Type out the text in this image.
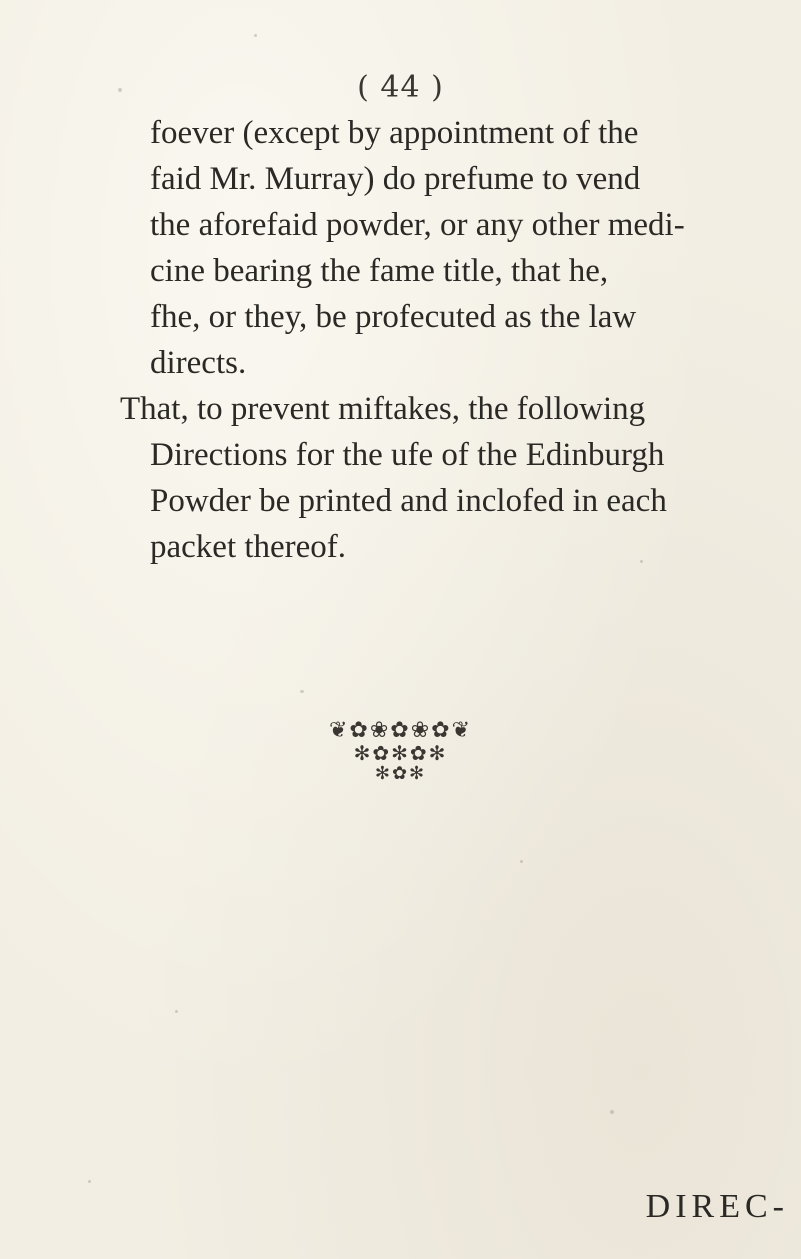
( 44 )
foever (except by appointment of the
faid Mr. Murray) do prefume to vend
the aforefaid powder, or any other medi-
cine bearing the fame title, that he,
fhe, or they, be profecuted as the law
directs.
That, to prevent miftakes, the following
Directions for the ufe of the Edinburgh
Powder be printed and inclofed in each
packet thereof.
❦✿❀✿❀✿❦
✻✿✻✿✻
✻✿✻
DIREC-
